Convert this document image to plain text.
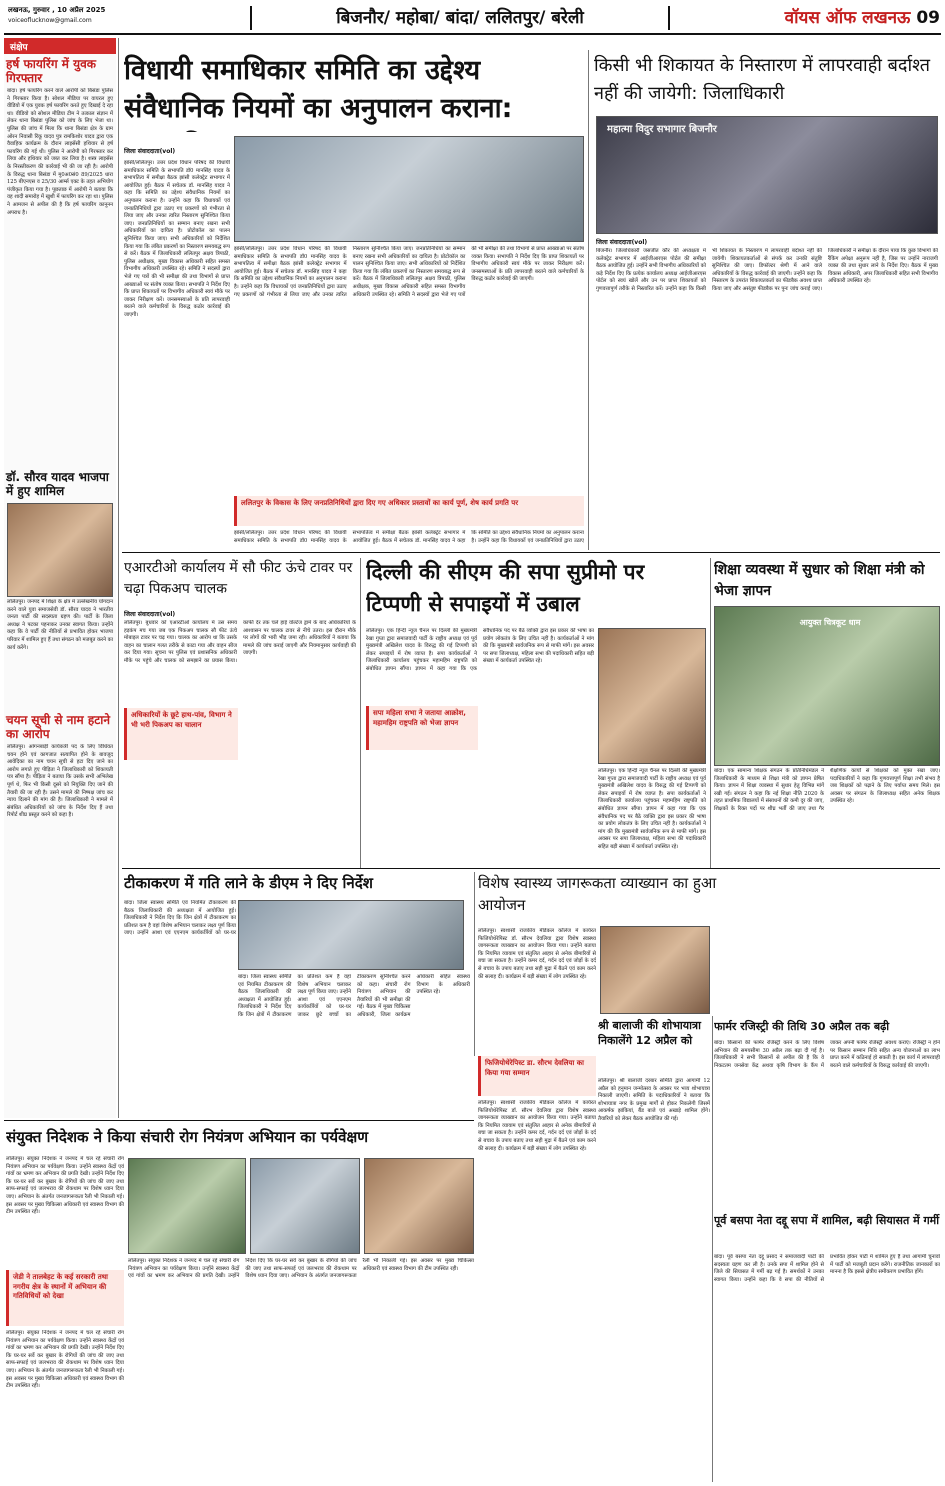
लखनऊ, गुरुवार , 10 अप्रैल 2025
voiceoflucknow@gmail.com	बिजनौर/ महोबा/ बांदा/ ललितपुर/ बरेली	वॉयस ऑफ लखनऊ 09
संक्षेप
हर्ष फायरिंग में युवक गिरफ्तार
बांदा। हर्ष फायरिंग करने वाले आरोपी को बिसंडा पुलिस ने गिरफ्तार किया है। सोशल मीडिया पर वायरल हुए वीडियो में एक युवक हर्ष फायरिंग करते हुए दिखाई दे रहा था। वीडियो को सोशल मीडिया टीम ने तत्काल संज्ञान में लेकर थाना बिसंडा पुलिस को जांच के लिए भेजा था। पुलिस की जांच में मिला कि थाना बिसंडा क्षेत्र के ग्राम ओरन निवासी रिंकू यादव पुत्र रामकिशोर यादव द्वारा एक वैवाहिक कार्यक्रम के दौरान लाइसेंसी हथियार से हर्ष फायरिंग की गई थी। पुलिस ने आरोपी को गिरफ्तार कर लिया और हथियार को जब्त कर लिया है। शस्त्र लाइसेंस के निरस्तीकरण की कार्रवाई भी की जा रही है। आरोपी के विरुद्ध थाना बिसंडा में मु0अ0सं0 89/2025 धारा 125 बीएनएस व 25/30 आर्म्स एक्ट के तहत अभियोग पंजीकृत किया गया है। पूछताछ में आरोपी ने बताया कि वह शादी समारोह में खुशी में फायरिंग कर रहा था। पुलिस ने आमजन से अपील की है कि हर्ष फायरिंग कानूनन अपराध है।
डॉ. सौरव यादव भाजपा में हुए शामिल
ललितपुर। जनपद में शिक्षा के क्षेत्र में उल्लेखनीय योगदान करने वाले युवा समाजसेवी डॉ. सौरव यादव ने भारतीय जनता पार्टी की सदस्यता ग्रहण की। पार्टी के जिला अध्यक्ष ने पटका पहनाकर उनका स्वागत किया। उन्होंने कहा कि वे पार्टी की नीतियों से प्रभावित होकर भाजपा परिवार में शामिल हुए हैं तथा संगठन को मजबूत करने का कार्य करेंगे।
चयन सूची से नाम हटाने का आरोप
ललितपुर। आंगनबाड़ी कार्यकर्त्री पद के लिए विधिवत चयन होने एवं कागजात सत्यापित होने के बावजूद आवेदिका का नाम चयन सूची से हटा दिए जाने का आरोप लगाते हुए पीड़िता ने जिलाधिकारी को शिकायती पत्र सौंपा है। पीड़िता ने बताया कि उसके सभी अभिलेख पूर्ण थे, फिर भी किसी दूसरे को नियुक्ति दिए जाने की तैयारी की जा रही है। उसने मामले की निष्पक्ष जांच कर न्याय दिलाने की मांग की है। जिलाधिकारी ने मामले में संबंधित अधिकारियों को जांच के निर्देश दिए हैं तथा रिपोर्ट शीघ्र प्रस्तुत करने को कहा है।
विधायी समाधिकार समिति का उद्देश्य संवैधानिक नियमों का अनुपालन कराना:
जिला संवाददाता(vol)
झांसी/ललितपुर। उत्तर प्रदेश विधान परिषद की विधायी समाधिकार समिति के सभापति डॉ0 मानसिंह यादव के सभापतित्व में समीक्षा बैठक झांसी कलेक्ट्रेट सभागार में आयोजित हुई। बैठक में सचेतक डॉ. मानसिंह यादव ने कहा कि समिति का उद्देश्य संवैधानिक नियमों का अनुपालन कराना है। उन्होंने कहा कि विधायकों एवं जनप्रतिनिधियों द्वारा उठाए गए प्रकरणों को गंभीरता से लिया जाए और उनका त्वरित निस्तारण सुनिश्चित किया जाए। जनप्रतिनिधियों का सम्मान बनाए रखना सभी अधिकारियों का दायित्व है। प्रोटोकॉल का पालन सुनिश्चित किया जाए। सभी अधिकारियों को निर्देशित किया गया कि लंबित प्रकरणों का निस्तारण समयबद्ध रूप से करें। बैठक में जिलाधिकारी ललितपुर अक्षय त्रिपाठी, पुलिस अधीक्षक, मुख्य विकास अधिकारी सहित समस्त विभागीय अधिकारी उपस्थित रहे। समिति ने सदस्यों द्वारा भेजे गए पत्रों की भी समीक्षा की तथा विभागों से प्राप्त आख्याओं पर संतोष व्यक्त किया। सभापति ने निर्देश दिए कि प्राप्त शिकायतों पर विभागीय अधिकारी स्वयं मौके पर जाकर निरीक्षण करें। जनसमस्याओं के प्रति लापरवाही बरतने वाले कर्मचारियों के विरुद्ध कठोर कार्रवाई की जाएगी।
झांसी/ललितपुर। उत्तर प्रदेश विधान परिषद की विधायी समाधिकार समिति के सभापति डॉ0 मानसिंह यादव के सभापतित्व में समीक्षा बैठक झांसी कलेक्ट्रेट सभागार में आयोजित हुई। बैठक में सचेतक डॉ. मानसिंह यादव ने कहा कि समिति का उद्देश्य संवैधानिक नियमों का अनुपालन कराना है। उन्होंने कहा कि विधायकों एवं जनप्रतिनिधियों द्वारा उठाए गए प्रकरणों को गंभीरता से लिया जाए और उनका त्वरित निस्तारण सुनिश्चित किया जाए। जनप्रतिनिधियों का सम्मान बनाए रखना सभी अधिकारियों का दायित्व है। प्रोटोकॉल का पालन सुनिश्चित किया जाए। सभी अधिकारियों को निर्देशित किया गया कि लंबित प्रकरणों का निस्तारण समयबद्ध रूप से करें। बैठक में जिलाधिकारी ललितपुर अक्षय त्रिपाठी, पुलिस अधीक्षक, मुख्य विकास अधिकारी सहित समस्त विभागीय अधिकारी उपस्थित रहे। समिति ने सदस्यों द्वारा भेजे गए पत्रों की भी समीक्षा की तथा विभागों से प्राप्त आख्याओं पर संतोष व्यक्त किया। सभापति ने निर्देश दिए कि प्राप्त शिकायतों पर विभागीय अधिकारी स्वयं मौके पर जाकर निरीक्षण करें। जनसमस्याओं के प्रति लापरवाही बरतने वाले कर्मचारियों के विरुद्ध कठोर कार्रवाई की जाएगी।
ललितपुर के विकास के लिए जनप्रतिनिधियों द्वारा दिए गए अधिकार प्रस्तावों का कार्य पूर्ण, शेष कार्य प्रगति पर
झांसी/ललितपुर। उत्तर प्रदेश विधान परिषद की विधायी समाधिकार समिति के सभापति डॉ0 मानसिंह यादव के सभापतित्व में समीक्षा बैठक झांसी कलेक्ट्रेट सभागार में आयोजित हुई। बैठक में सचेतक डॉ. मानसिंह यादव ने कहा कि समिति का उद्देश्य संवैधानिक नियमों का अनुपालन कराना है। उन्होंने कहा कि विधायकों एवं जनप्रतिनिधियों द्वारा उठाए
किसी भी शिकायत के निस्तारण में लापरवाही बर्दाश्त नहीं की जायेगी: जिलाधिकारी
महात्मा विदुर सभागार बिजनौर
जिला संवाददाता(vol)
बिजनौर। जिलाधिकारी जसजीत कौर की अध्यक्षता में कलेक्ट्रेट सभागार में आईजीआरएस पोर्टल की समीक्षा बैठक आयोजित हुई। उन्होंने सभी विभागीय अधिकारियों को कड़े निर्देश दिए कि प्रत्येक कार्यालय अध्यक्ष आईजीआरएस पोर्टल को स्वयं खोलें और उन पर प्राप्त शिकायतों को गुणवत्तापूर्ण तरीके से निस्तारित करें। उन्होंने कहा कि किसी भी शिकायत के निस्तारण में लापरवाही बर्दाश्त नहीं की जायेगी। शिकायतकर्ताओं से संपर्क कर उनकी संतुष्टि सुनिश्चित की जाए। डिफॉल्टर श्रेणी में आने वाले अधिकारियों के विरुद्ध कार्रवाई की जाएगी। उन्होंने कहा कि निस्तारण के उपरांत शिकायतकर्ता का फीडबैक अवश्य प्राप्त किया जाए और असंतुष्ट फीडबैक पर पुनः जांच कराई जाए। जिलाधिकारी ने समीक्षा के दौरान पाया कि कुछ विभागों की रैंकिंग अपेक्षा अनुरूप नहीं है, जिस पर उन्होंने नाराजगी व्यक्त की तथा सुधार लाने के निर्देश दिए। बैठक में मुख्य विकास अधिकारी, अपर जिलाधिकारी सहित सभी विभागीय अधिकारी उपस्थित रहे।
एआरटीओ कार्यालय में सौ फीट ऊंचे टावर पर चढ़ा पिकअप चालक
जिला संवाददाता(vol)
ललितपुर। बुधवार को एआरटीओ कार्यालय में उस समय हड़कंप मच गया जब एक पिकअप चालक सौ फीट ऊंचे मोबाइल टावर पर चढ़ गया। चालक का आरोप था कि उसके वाहन का चालान गलत तरीके से काटा गया और वाहन सीज कर दिया गया। सूचना पर पुलिस एवं प्रशासनिक अधिकारी मौके पर पहुंचे और चालक को समझाने का प्रयास किया। काफी देर तक चले हाई वोल्टेज ड्रामे के बाद अधिकारियों के आश्वासन पर चालक टावर से नीचे उतरा। इस दौरान मौके पर लोगों की भारी भीड़ जमा रही। अधिकारियों ने बताया कि मामले की जांच कराई जाएगी और नियमानुसार कार्यवाही की जाएगी।
अधिकारियों के छूटे हाथ-पांव, विभाग ने भी भरी पिकअप का चालान
दिल्ली की सीएम की सपा सुप्रीमो पर टिप्पणी से सपाइयों में उबाल
ललितपुर। एक हिन्दी न्यूज चैनल पर दिल्ली की मुख्यमंत्री रेखा गुप्ता द्वारा समाजवादी पार्टी के राष्ट्रीय अध्यक्ष एवं पूर्व मुख्यमंत्री अखिलेश यादव के विरुद्ध की गई टिप्पणी को लेकर सपाइयों में रोष व्याप्त है। सपा कार्यकर्ताओं ने जिलाधिकारी कार्यालय पहुंचकर महामहिम राष्ट्रपति को संबोधित ज्ञापन सौंपा। ज्ञापन में कहा गया कि एक संवैधानिक पद पर बैठे व्यक्ति द्वारा इस प्रकार की भाषा का प्रयोग लोकतंत्र के लिए उचित नहीं है। कार्यकर्ताओं ने मांग की कि मुख्यमंत्री सार्वजनिक रूप से माफी मांगें। इस अवसर पर सपा जिलाध्यक्ष, महिला सभा की पदाधिकारी सहित बड़ी संख्या में कार्यकर्ता उपस्थित रहे।
सपा महिला सभा ने जताया आक्रोश, महामहिम राष्ट्रपति को भेजा ज्ञापन
ललितपुर। एक हिन्दी न्यूज चैनल पर दिल्ली की मुख्यमंत्री रेखा गुप्ता द्वारा समाजवादी पार्टी के राष्ट्रीय अध्यक्ष एवं पूर्व मुख्यमंत्री अखिलेश यादव के विरुद्ध की गई टिप्पणी को लेकर सपाइयों में रोष व्याप्त है। सपा कार्यकर्ताओं ने जिलाधिकारी कार्यालय पहुंचकर महामहिम राष्ट्रपति को संबोधित ज्ञापन सौंपा। ज्ञापन में कहा गया कि एक संवैधानिक पद पर बैठे व्यक्ति द्वारा इस प्रकार की भाषा का प्रयोग लोकतंत्र के लिए उचित नहीं है। कार्यकर्ताओं ने मांग की कि मुख्यमंत्री सार्वजनिक रूप से माफी मांगें। इस अवसर पर सपा जिलाध्यक्ष, महिला सभा की पदाधिकारी सहित बड़ी संख्या में कार्यकर्ता उपस्थित रहे।
शिक्षा व्यवस्था में सुधार को शिक्षा मंत्री को भेजा ज्ञापन
आयुक्त चित्रकूट धाम
बांदा। एक सामान्य शिक्षक संगठन के प्रतिनिधिमंडल ने जिलाधिकारी के माध्यम से शिक्षा मंत्री को ज्ञापन प्रेषित किया। ज्ञापन में शिक्षा व्यवस्था में सुधार हेतु विभिन्न मांगें रखी गईं। संगठन ने कहा कि नई शिक्षा नीति 2020 के तहत प्राथमिक विद्यालयों में संसाधनों की कमी दूर की जाए, शिक्षकों के रिक्त पदों पर शीघ्र भर्ती की जाए तथा गैर शैक्षणिक कार्यों से शिक्षकों को मुक्त रखा जाए। पदाधिकारियों ने कहा कि गुणवत्तापूर्ण शिक्षा तभी संभव है जब शिक्षकों को पढ़ाने के लिए पर्याप्त समय मिले। इस अवसर पर संगठन के जिलाध्यक्ष सहित अनेक शिक्षक उपस्थित रहे।
टीकाकरण में गति लाने के डीएम ने दिए निर्देश
बांदा। जिला स्वास्थ्य समिति एवं नियमित टीकाकरण की बैठक जिलाधिकारी की अध्यक्षता में आयोजित हुई। जिलाधिकारी ने निर्देश दिए कि जिन क्षेत्रों में टीकाकरण का प्रतिशत कम है वहां विशेष अभियान चलाकर लक्ष्य पूर्ण किया जाए। उन्होंने आशा एवं एएनएम कार्यकर्त्रियों को घर-घर
बांदा। जिला स्वास्थ्य समिति एवं नियमित टीकाकरण की बैठक जिलाधिकारी की अध्यक्षता में आयोजित हुई। जिलाधिकारी ने निर्देश दिए कि जिन क्षेत्रों में टीकाकरण का प्रतिशत कम है वहां विशेष अभियान चलाकर लक्ष्य पूर्ण किया जाए। उन्होंने आशा एवं एएनएम कार्यकर्त्रियों को घर-घर जाकर छूटे बच्चों का टीकाकरण सुनिश्चित करने को कहा। संचारी रोग नियंत्रण अभियान की तैयारियों की भी समीक्षा की गई। बैठक में मुख्य चिकित्सा अधिकारी, जिला कार्यक्रम अधिकारी सहित स्वास्थ्य विभाग के अधिकारी उपस्थित रहे।
विशेष स्वास्थ्य जागरूकता व्याख्यान का हुआ आयोजन
ललितपुर। स्वशासी राजकीय मेडिकल कॉलेज में कार्यरत फिजियोथेरेपिस्ट डॉ. सौरभ देवलिया द्वारा विशेष स्वास्थ्य जागरूकता व्याख्यान का आयोजन किया गया। उन्होंने बताया कि नियमित व्यायाम एवं संतुलित आहार से अनेक बीमारियों से बचा जा सकता है। उन्होंने कमर दर्द, गर्दन दर्द एवं जोड़ों के दर्द से बचाव के उपाय बताए तथा सही मुद्रा में बैठने एवं काम करने की सलाह दी। कार्यक्रम में बड़ी संख्या में लोग उपस्थित रहे।
फिजियोथेरेपिस्ट डा. सौरभ देवलिया का किया गया सम्मान
श्री बालाजी की शोभायात्रा निकालेंगे 12 अप्रैल को
ललितपुर। श्री बालाजी दरबार समिति द्वारा आगामी 12 अप्रैल को हनुमान जन्मोत्सव के अवसर पर भव्य शोभायात्रा निकाली जाएगी। समिति के पदाधिकारियों ने बताया कि शोभायात्रा नगर के प्रमुख मार्गों से होकर निकलेगी जिसमें आकर्षक झांकियां, बैंड बाजे एवं अखाड़े शामिल होंगे। तैयारियों को लेकर बैठक आयोजित की गई।
फार्मर रजिस्ट्री की तिथि 30 अप्रैल तक बढ़ी
बांदा। किसानों की फार्मर रजिस्ट्री करने के लिए विशेष अभियान की समयसीमा 30 अप्रैल तक बढ़ा दी गई है। जिलाधिकारी ने सभी किसानों से अपील की है कि वे निकटतम जनसेवा केंद्र अथवा कृषि विभाग के कैंप में जाकर अपनी फार्मर रजिस्ट्री अवश्य कराएं। रजिस्ट्री न होने पर किसान सम्मान निधि सहित अन्य योजनाओं का लाभ प्राप्त करने में कठिनाई हो सकती है। इस कार्य में लापरवाही बरतने वाले कर्मचारियों के विरुद्ध कार्रवाई की जाएगी।
पूर्व बसपा नेता दद्दू सपा में शामिल, बढ़ी सियासत में गर्मी
बांदा। पूर्व बसपा नेता दद्दू प्रसाद ने समाजवादी पार्टी की सदस्यता ग्रहण कर ली है। उनके सपा में शामिल होने से जिले की सियासत में गर्मी बढ़ गई है। समर्थकों ने उनका स्वागत किया। उन्होंने कहा कि वे सपा की नीतियों से प्रभावित होकर पार्टी में शामिल हुए हैं तथा आगामी चुनावों में पार्टी को मजबूती प्रदान करेंगे। राजनीतिक जानकारों का मानना है कि इससे क्षेत्रीय समीकरण प्रभावित होंगे।
ललितपुर। स्वशासी राजकीय मेडिकल कॉलेज में कार्यरत फिजियोथेरेपिस्ट डॉ. सौरभ देवलिया द्वारा विशेष स्वास्थ्य जागरूकता व्याख्यान का आयोजन किया गया। उन्होंने बताया कि नियमित व्यायाम एवं संतुलित आहार से अनेक बीमारियों से बचा जा सकता है। उन्होंने कमर दर्द, गर्दन दर्द एवं जोड़ों के दर्द से बचाव के उपाय बताए तथा सही मुद्रा में बैठने एवं काम करने की सलाह दी। कार्यक्रम में बड़ी संख्या में लोग उपस्थित रहे।
संयुक्त निदेशक ने किया संचारी रोग नियंत्रण अभियान का पर्यवेक्षण
ललितपुर। संयुक्त निदेशक ने जनपद में चल रहे संचारी रोग नियंत्रण अभियान का पर्यवेक्षण किया। उन्होंने स्वास्थ्य केंद्रों एवं गांवों का भ्रमण कर अभियान की प्रगति देखी। उन्होंने निर्देश दिए कि घर-घर सर्वे कर बुखार के रोगियों की जांच की जाए तथा साफ-सफाई एवं जलभराव की रोकथाम पर विशेष ध्यान दिया जाए। अभियान के अंतर्गत जनजागरूकता रैली भी निकाली गई। इस अवसर पर मुख्य चिकित्सा अधिकारी एवं स्वास्थ्य विभाग की टीम उपस्थित रही।
जेडी ने तालबेहट के कई सरकारी तथा नगरीय क्षेत्र के स्थानों में अभियान की गतिविधियों को देखा
ललितपुर। संयुक्त निदेशक ने जनपद में चल रहे संचारी रोग नियंत्रण अभियान का पर्यवेक्षण किया। उन्होंने स्वास्थ्य केंद्रों एवं गांवों का भ्रमण कर अभियान की प्रगति देखी। उन्होंने निर्देश दिए कि घर-घर सर्वे कर बुखार के रोगियों की जांच की जाए तथा साफ-सफाई एवं जलभराव की रोकथाम पर विशेष ध्यान दिया जाए। अभियान के अंतर्गत जनजागरूकता रैली भी निकाली गई। इस अवसर पर मुख्य चिकित्सा अधिकारी एवं स्वास्थ्य विभाग की टीम उपस्थित रही।
ललितपुर। संयुक्त निदेशक ने जनपद में चल रहे संचारी रोग नियंत्रण अभियान का पर्यवेक्षण किया। उन्होंने स्वास्थ्य केंद्रों एवं गांवों का भ्रमण कर अभियान की प्रगति देखी। उन्होंने निर्देश दिए कि घर-घर सर्वे कर बुखार के रोगियों की जांच की जाए तथा साफ-सफाई एवं जलभराव की रोकथाम पर विशेष ध्यान दिया जाए। अभियान के अंतर्गत जनजागरूकता रैली भी निकाली गई। इस अवसर पर मुख्य चिकित्सा अधिकारी एवं स्वास्थ्य विभाग की टीम उपस्थित रही।
